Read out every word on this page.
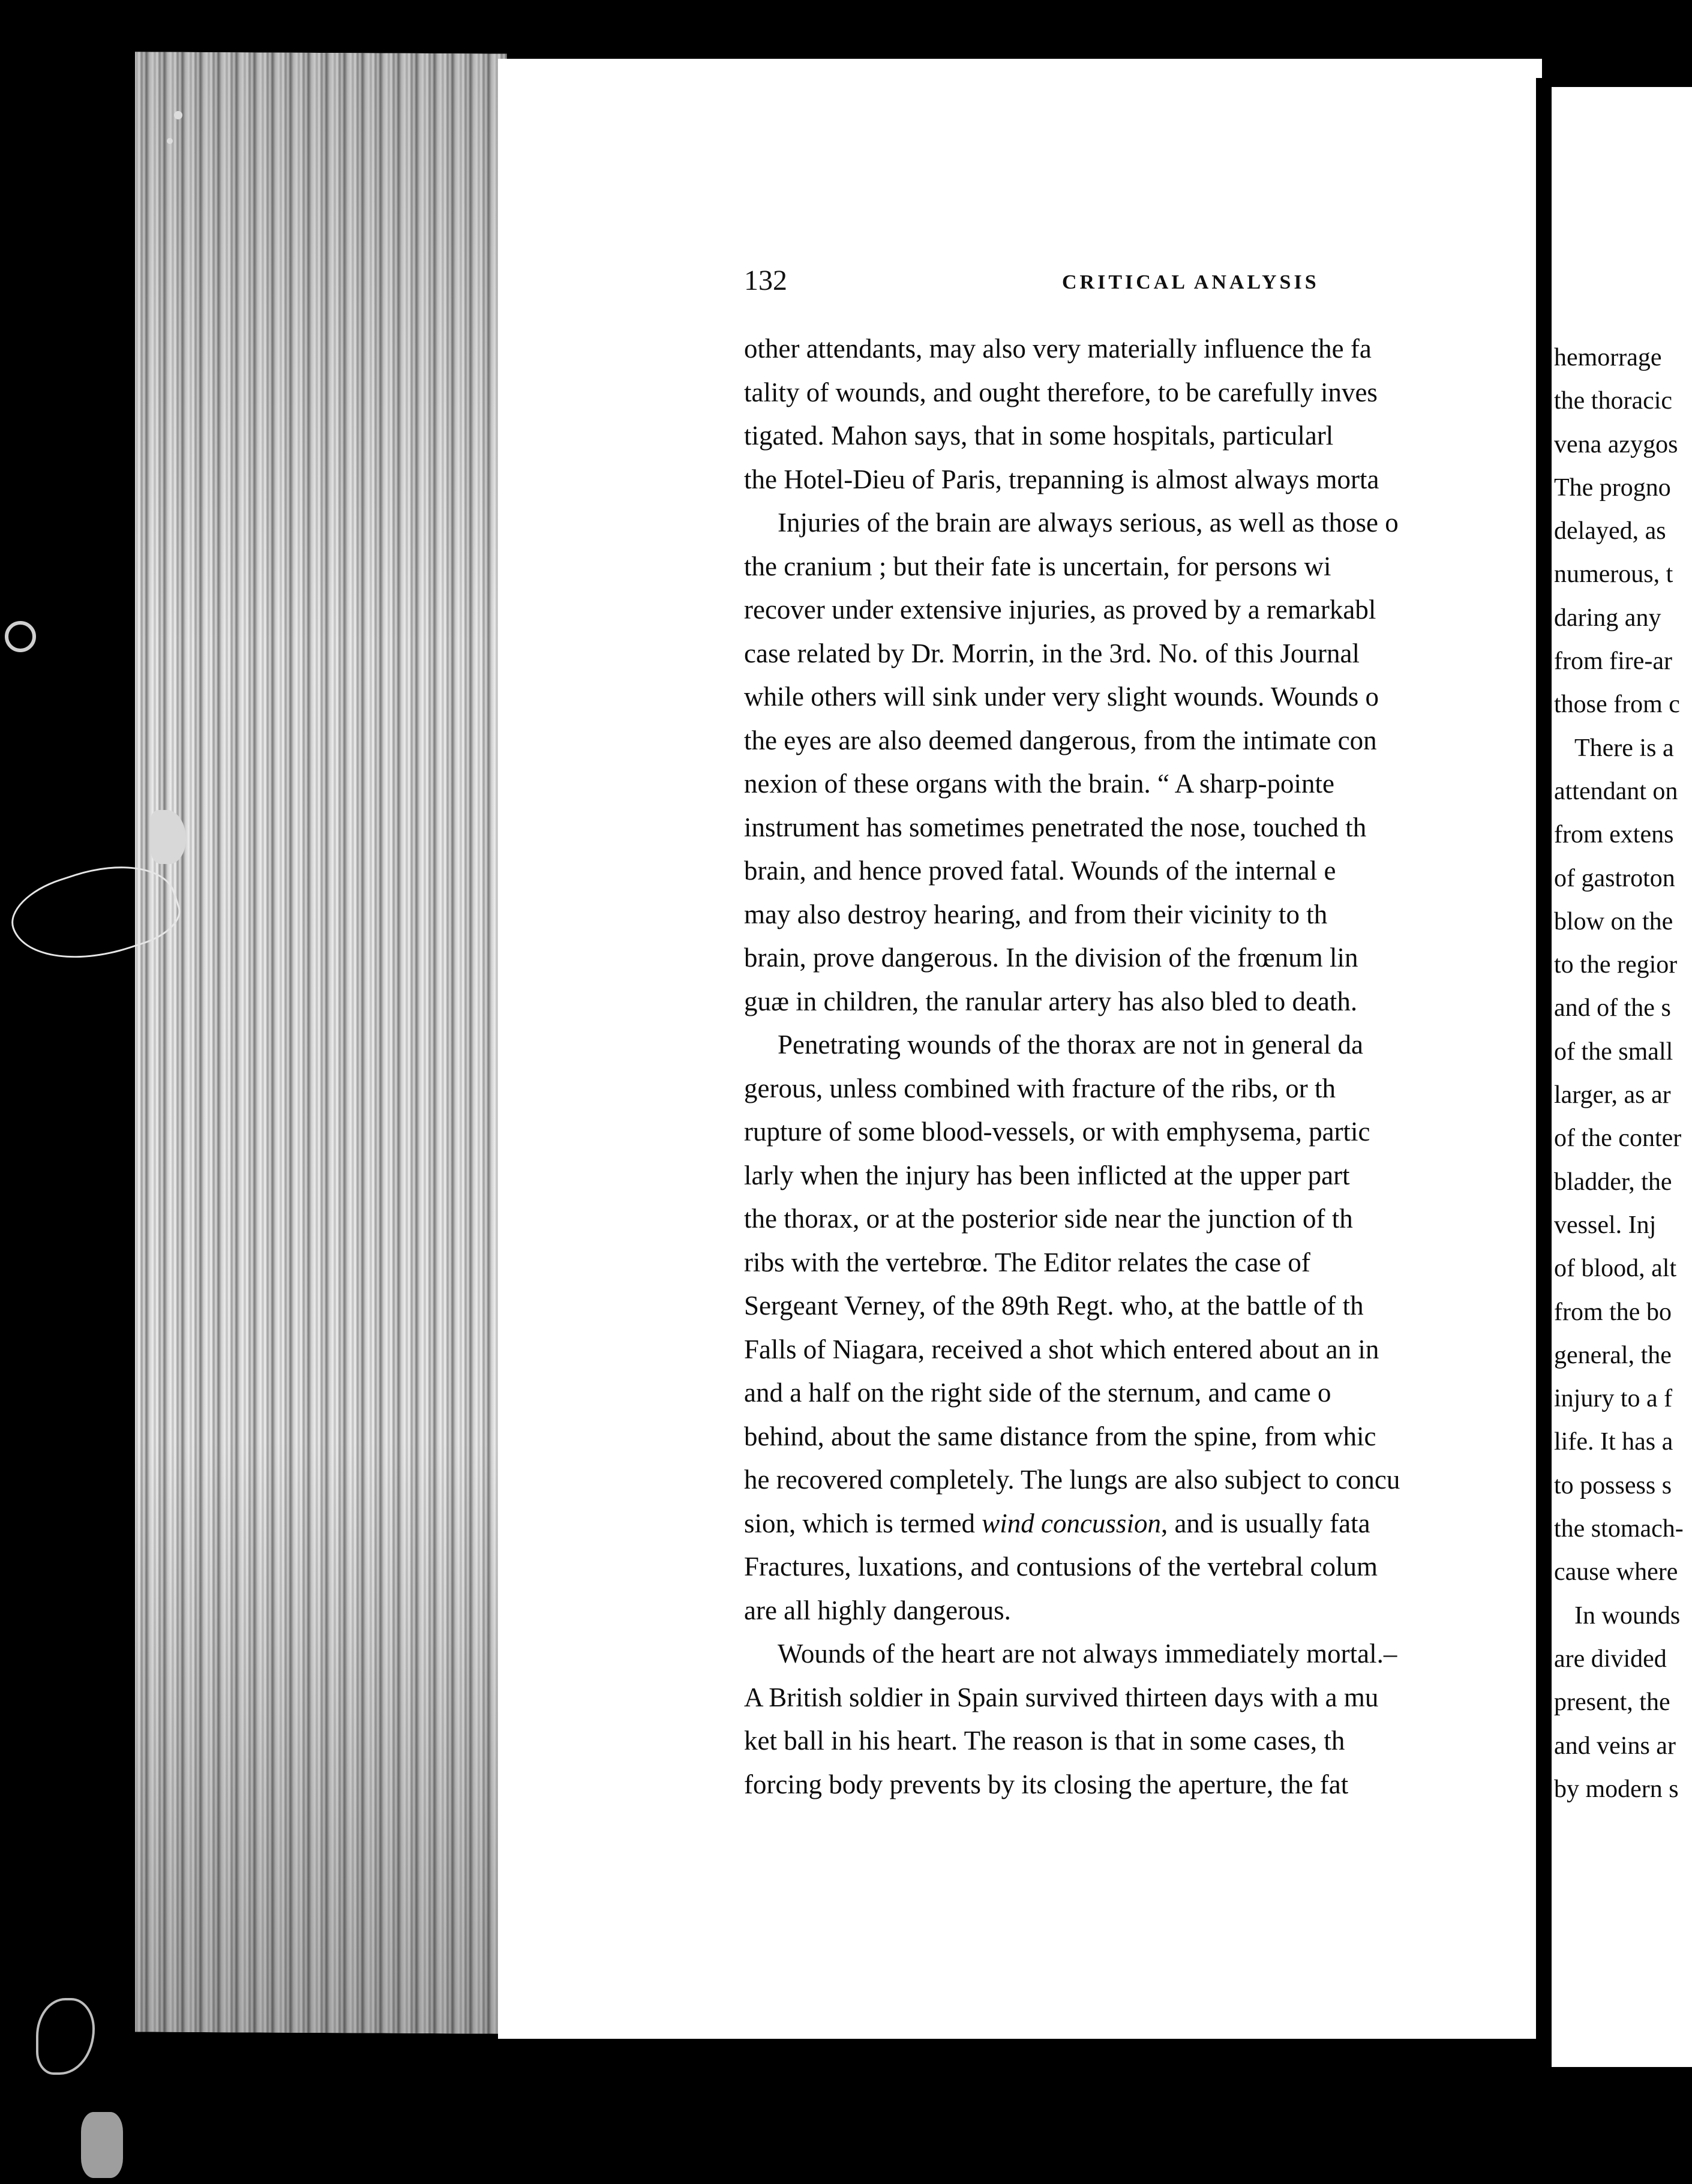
132	CRITICAL ANALYSIS
other attendants, may also very materially influence the fa
tality of wounds, and ought therefore, to be carefully inves
tigated. Mahon says, that in some hospitals, particularl
the Hotel-Dieu of Paris, trepanning is almost always morta
Injuries of the brain are always serious, as well as those o
the cranium ; but their fate is uncertain, for persons wi
recover under extensive injuries, as proved by a remarkabl
case related by Dr. Morrin, in the 3rd. No. of this Journal
while others will sink under very slight wounds. Wounds o
the eyes are also deemed dangerous, from the intimate con
nexion of these organs with the brain. “ A sharp-pointe
instrument has sometimes penetrated the nose, touched th
brain, and hence proved fatal. Wounds of the internal e
may also destroy hearing, and from their vicinity to th
brain, prove dangerous. In the division of the frœnum lin
guæ in children, the ranular artery has also bled to death.
Penetrating wounds of the thorax are not in general da
gerous, unless combined with fracture of the ribs, or th
rupture of some blood-vessels, or with emphysema, partic
larly when the injury has been inflicted at the upper part
the thorax, or at the posterior side near the junction of th
ribs with the vertebrœ. The Editor relates the case of
Sergeant Verney, of the 89th Regt. who, at the battle of th
Falls of Niagara, received a shot which entered about an in
and a half on the right side of the sternum, and came o
behind, about the same distance from the spine, from whic
he recovered completely. The lungs are also subject to concu
sion, which is termed wind concussion, and is usually fata
Fractures, luxations, and contusions of the vertebral colum
are all highly dangerous.
Wounds of the heart are not always immediately mortal.–
A British soldier in Spain survived thirteen days with a mu
ket ball in his heart. The reason is that in some cases, th
forcing body prevents by its closing the aperture, the fat
hemorrage
the thoracic
vena azygos
The progno
delayed, as
numerous, t
daring any
from fire-ar
those from c
There is a
attendant on
from extens
of gastroton
blow on the
to the regior
and of the s
of the small
larger, as ar
of the conter
bladder, the
vessel. Inj
of blood, alt
from the bo
general, the
injury to a f
life. It has a
to possess s
the stomach-
cause where
In wounds
are divided
present, the
and veins ar
by modern s
